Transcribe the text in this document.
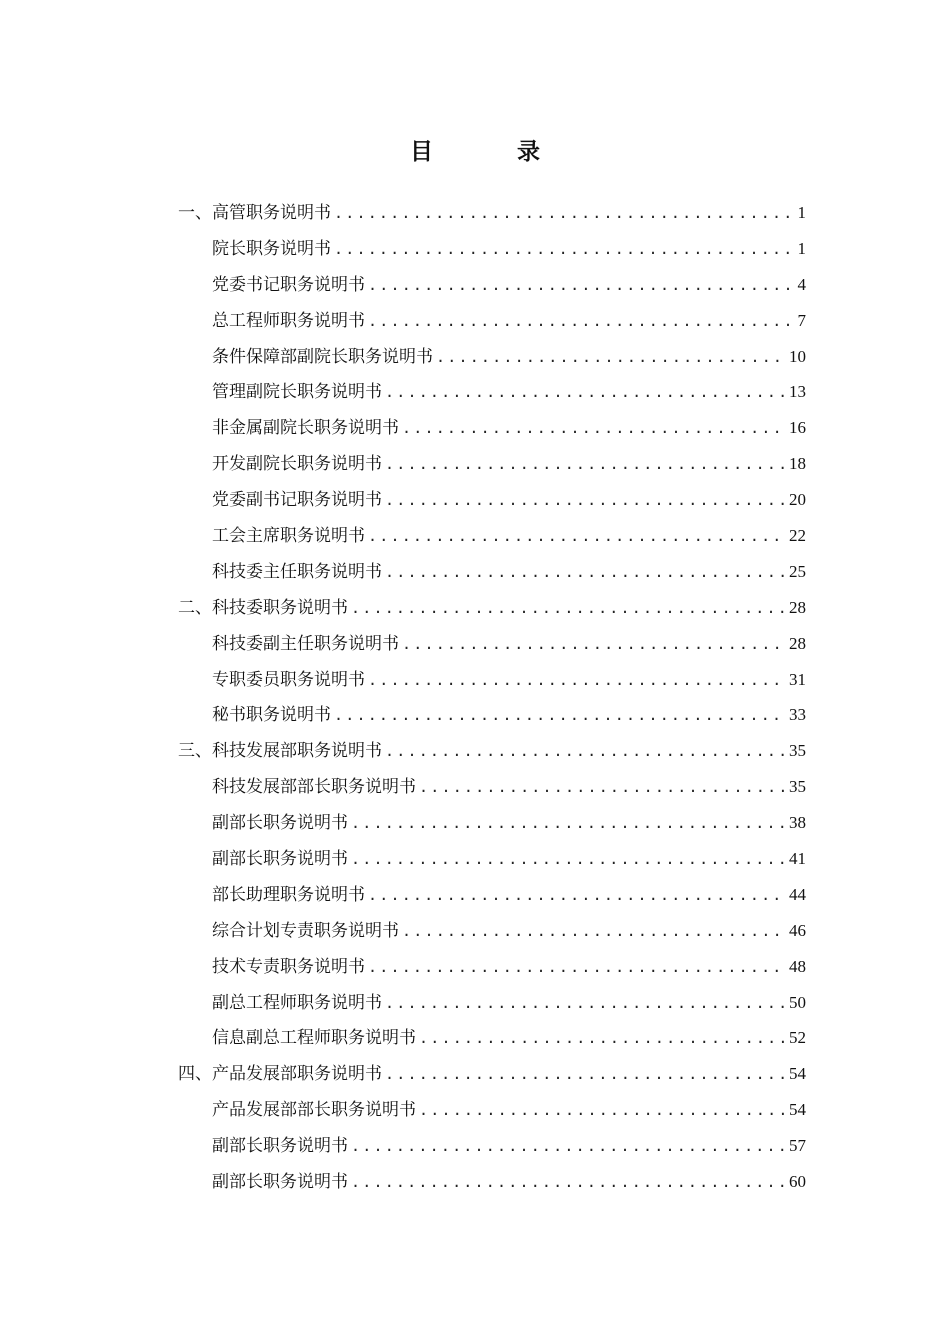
目 录
一、高管职务说明书 .....	1
院长职务说明书 .....	1
党委书记职务说明书 .....	4
总工程师职务说明书 .....	7
条件保障部副院长职务说明书 .....	10
管理副院长职务说明书 .....	13
非金属副院长职务说明书 .....	16
开发副院长职务说明书 .....	18
党委副书记职务说明书 .....	20
工会主席职务说明书 .....	22
科技委主任职务说明书 .....	25
二、科技委职务说明书 .....	28
科技委副主任职务说明书 .....	28
专职委员职务说明书 .....	31
秘书职务说明书 .....	33
三、科技发展部职务说明书 .....	35
科技发展部部长职务说明书 .....	35
副部长职务说明书 .....	38
副部长职务说明书 .....	41
部长助理职务说明书 .....	44
综合计划专责职务说明书 .....	46
技术专责职务说明书 .....	48
副总工程师职务说明书 .....	50
信息副总工程师职务说明书 .....	52
四、产品发展部职务说明书 .....	54
产品发展部部长职务说明书 .....	54
副部长职务说明书 .....	57
副部长职务说明书 .....	60
